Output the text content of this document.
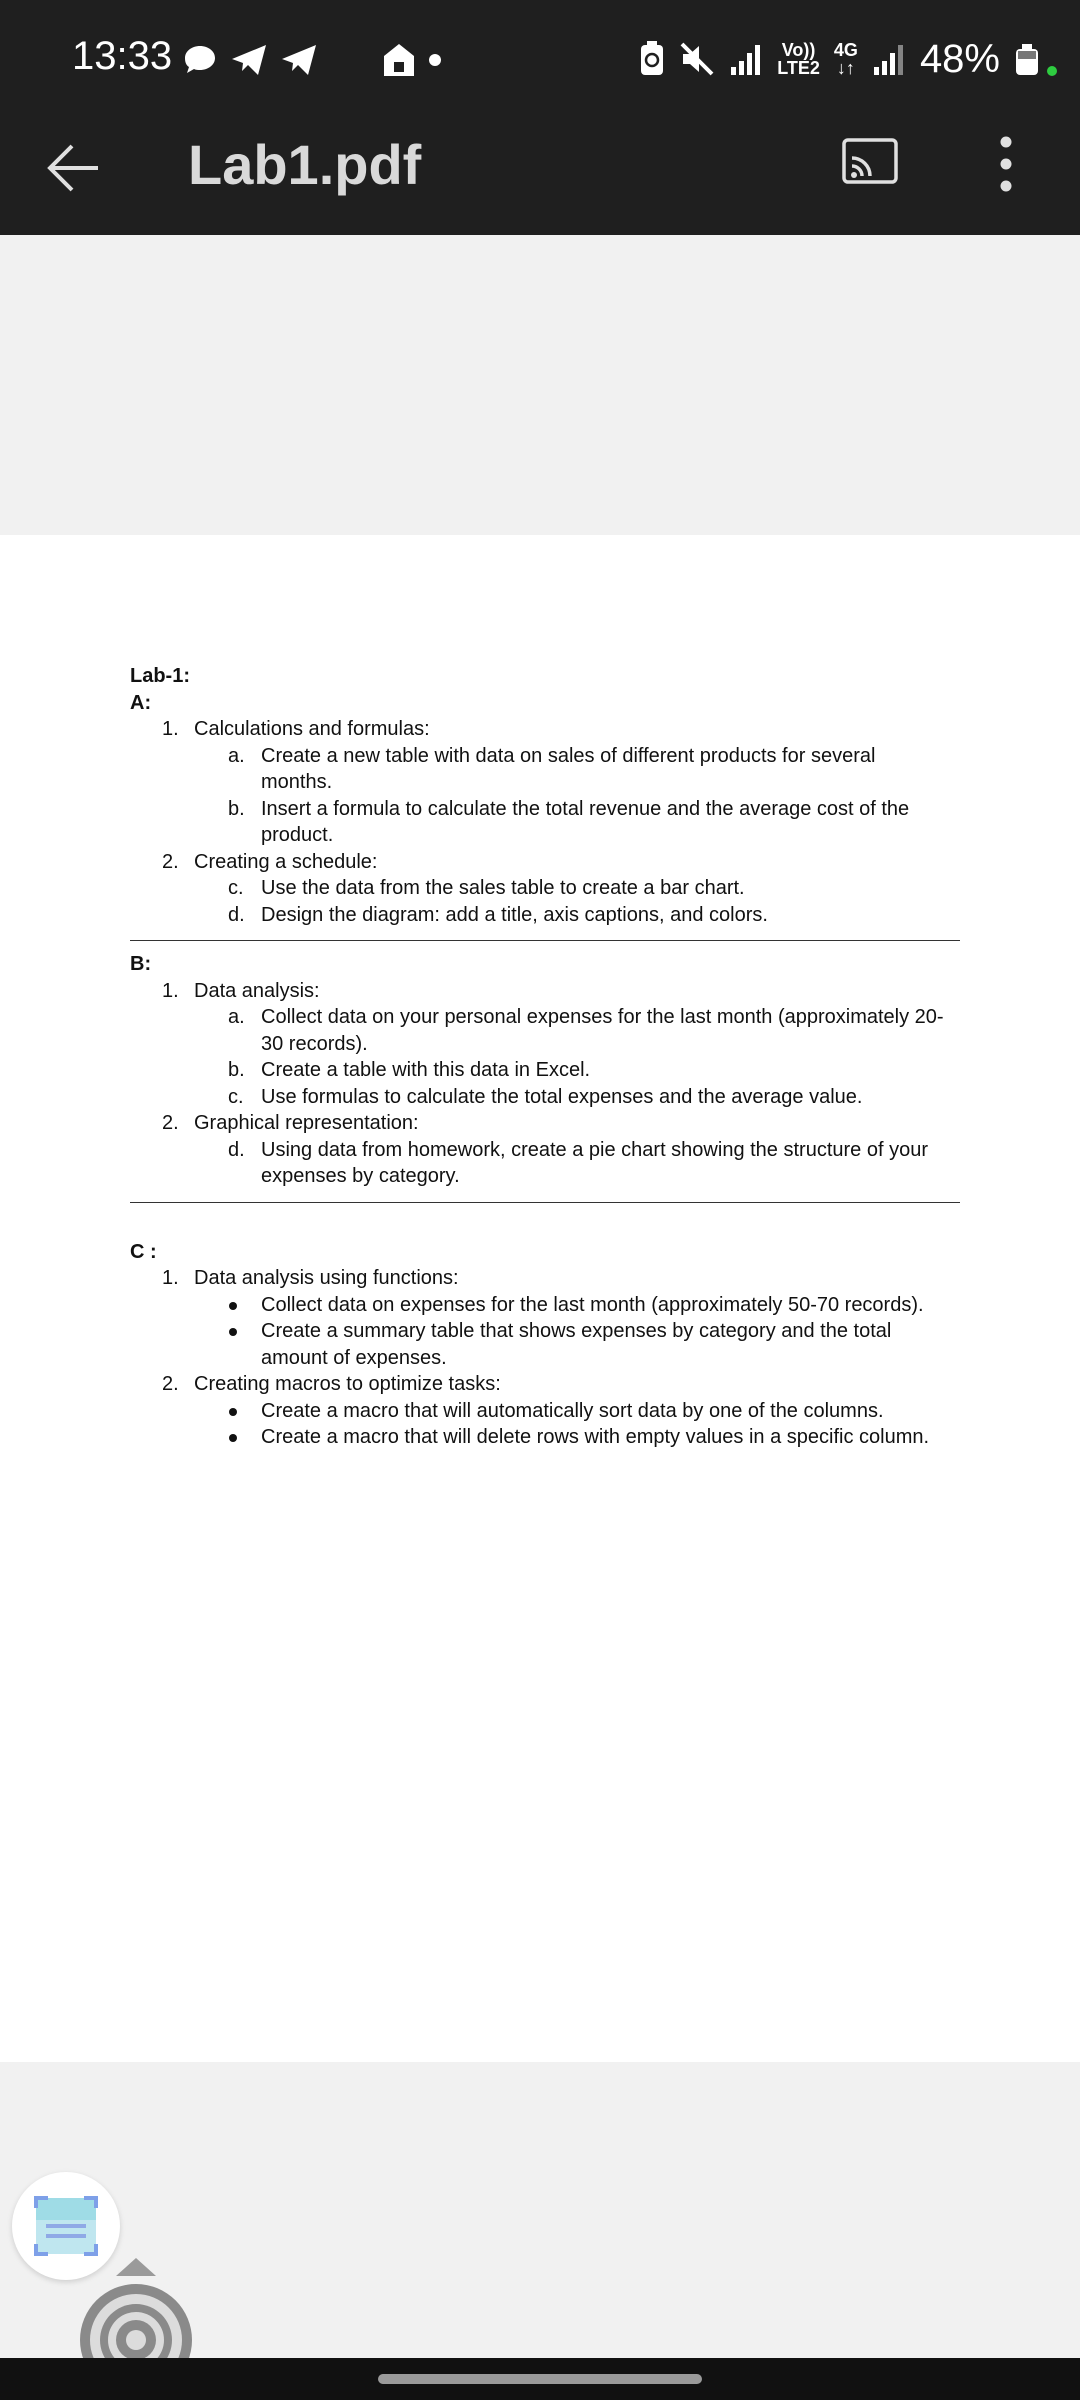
13:33	Vo))
LTE2
4G
↓↑ 48%
Lab1.pdf
Lab-1:
A:
1. Calculations and formulas:
a. Create a new table with data on sales of different products for several
months.
b. Insert a formula to calculate the total revenue and the average cost of the
product.
2. Creating a schedule:
c. Use the data from the sales table to create a bar chart.
d. Design the diagram: add a title, axis captions, and colors.
B:
1. Data analysis:
a. Collect data on your personal expenses for the last month (approximately 20-
30 records).
b. Create a table with this data in Excel.
c. Use formulas to calculate the total expenses and the average value.
2. Graphical representation:
d. Using data from homework, create a pie chart showing the structure of your
expenses by category.
C :
1. Data analysis using functions:
Collect data on expenses for the last month (approximately 50-70 records).
Create a summary table that shows expenses by category and the total
amount of expenses.
2. Creating macros to optimize tasks:
Create a macro that will automatically sort data by one of the columns.
Create a macro that will delete rows with empty values in a specific column.
